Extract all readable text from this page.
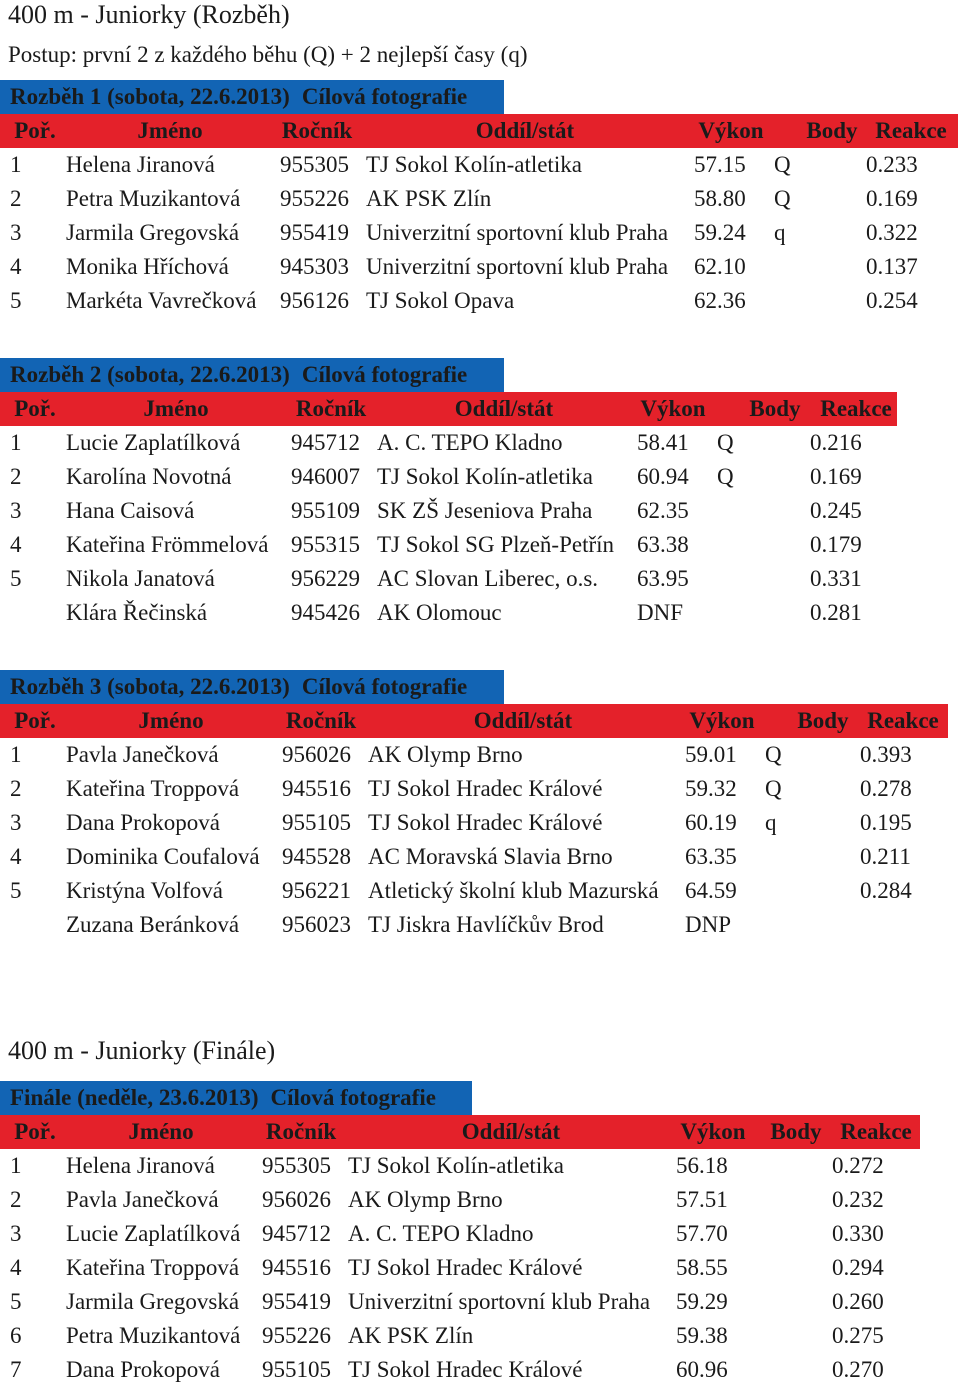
400 m - Juniorky (Rozběh)
Postup: první 2 z každého běhu (Q) + 2 nejlepší časy (q)
Rozběh 1 (sobota, 22.6.2013) Cílová fotografie
Poř.	Jméno	Ročník	Oddíl/stát	Výkon Body Reakce
1 Helena Jiranová	955305 TJ Sokol Kolín-atletika	57.15 Q	0.233
2 Petra Muzikantová 955226 AK PSK Zlín	58.80 Q	0.169
3 Jarmila Gregovská 955419 Univerzitní sportovní klub Praha 59.24 q	0.322
4 Monika Hříchová 945303 Univerzitní sportovní klub Praha 62.10	0.137
5 Markéta Vavrečková 956126 TJ Sokol Opava	62.36	0.254
Rozběh 2 (sobota, 22.6.2013) Cílová fotografie
Poř.	Jméno	Ročník	Oddíl/stát	Výkon Body Reakce
1 Lucie Zaplatílková 945712 A. C. TEPO Kladno	58.41 Q	0.216
2 Karolína Novotná	946007 TJ Sokol Kolín-atletika 60.94 Q	0.169
3 Hana Caisová	955109 SK ZŠ Jeseniova Praha 62.35	0.245
4 Kateřina Frömmelová 955315 TJ Sokol SG Plzeň-Petřín 63.38	0.179
5 Nikola Janatová	956229 AC Slovan Liberec, o.s. 63.95	0.331
Klára Řečinská	945426 AK Olomouc	DNF	0.281
Rozběh 3 (sobota, 22.6.2013) Cílová fotografie
Poř.	Jméno	Ročník	Oddíl/stát	Výkon Body Reakce
1 Pavla Janečková	956026 AK Olymp Brno	59.01 Q	0.393
2 Kateřina Troppová 945516 TJ Sokol Hradec Králové	59.32 Q	0.278
3 Dana Prokopová	955105 TJ Sokol Hradec Králové	60.19 q	0.195
4 Dominika Coufalová 945528 AC Moravská Slavia Brno	63.35	0.211
5 Kristýna Volfová	956221 Atletický školní klub Mazurská 64.59	0.284
Zuzana Beránková 956023 TJ Jiskra Havlíčkův Brod	DNP
400 m - Juniorky (Finále)
Finále (neděle, 23.6.2013) Cílová fotografie
Poř.	Jméno	Ročník	Oddíl/stát	Výkon Body Reakce
1 Helena Jiranová 955305 TJ Sokol Kolín-atletika	56.18	0.272
2 Pavla Janečková 956026 AK Olymp Brno	57.51	0.232
3 Lucie Zaplatílková 945712 A. C. TEPO Kladno	57.70	0.330
4 Kateřina Troppová 945516 TJ Sokol Hradec Králové	58.55	0.294
5 Jarmila Gregovská 955419 Univerzitní sportovní klub Praha 59.29	0.260
6 Petra Muzikantová 955226 AK PSK Zlín	59.38	0.275
7 Dana Prokopová 955105 TJ Sokol Hradec Králové	60.96	0.270
